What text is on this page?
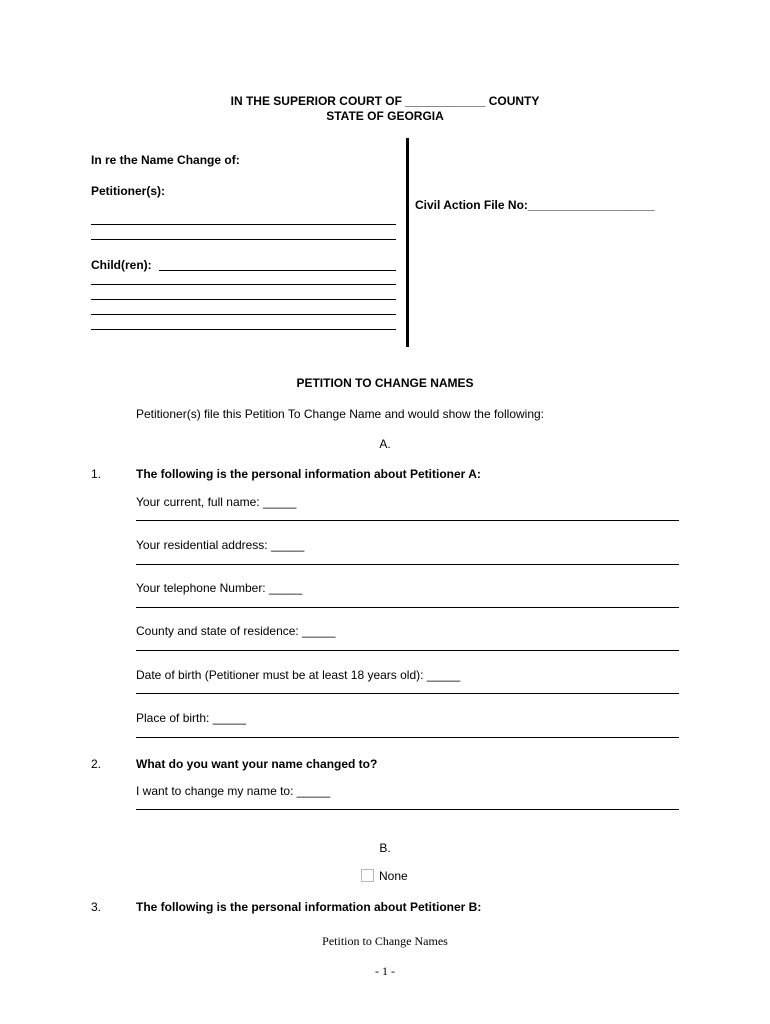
IN THE SUPERIOR COURT OF ____________ COUNTY
STATE OF GEORGIA
In re the Name Change of:
Petitioner(s):
Child(ren):
Civil Action File No:___________________
PETITION TO CHANGE NAMES
Petitioner(s) file this Petition To Change Name and would show the following:
A.
1.	The following is the personal information about Petitioner A:
Your current, full name: _____
Your residential address: _____
Your telephone Number: _____
County and state of residence: _____
Date of birth (Petitioner must be at least 18 years old): _____
Place of birth: _____
2.	What do you want your name changed to?
I want to change my name to: _____
B.
None
3.	The following is the personal information about Petitioner B:
Petition to Change Names
- 1 -
